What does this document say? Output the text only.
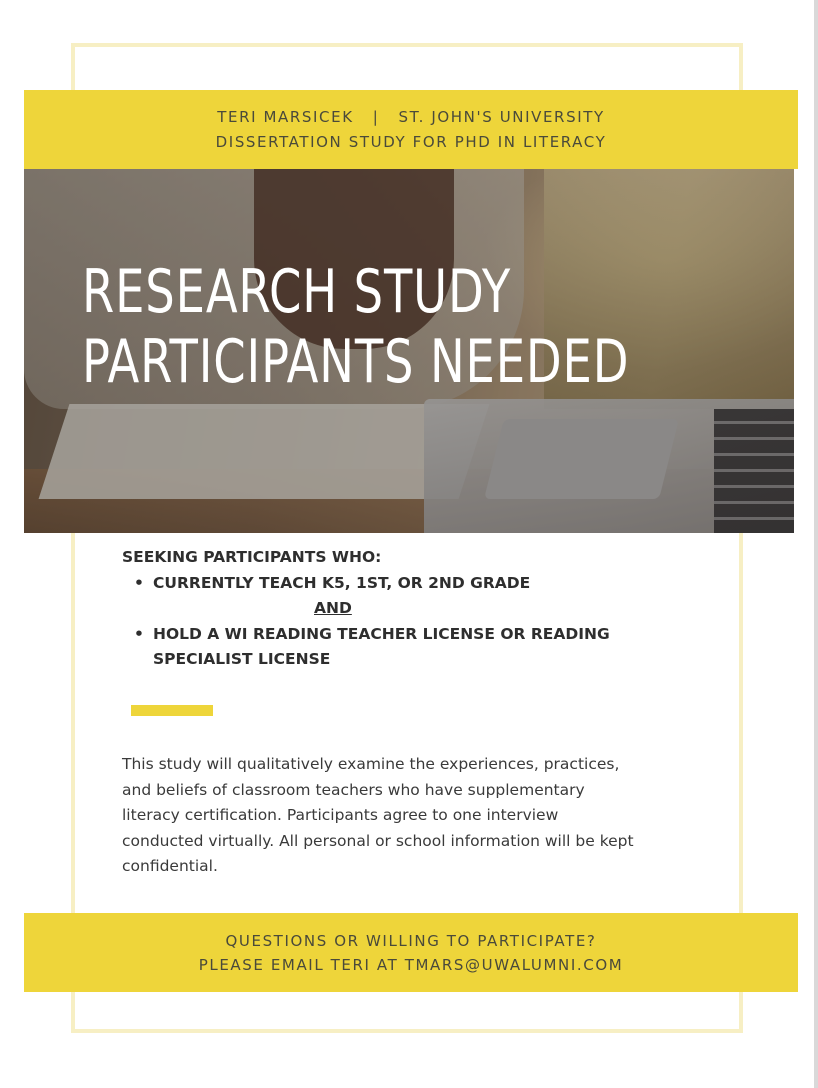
TERI MARSICEK   |   ST. JOHN'S UNIVERSITY
DISSERTATION STUDY FOR PHD IN LITERACY
RESEARCH STUDY
PARTICIPANTS NEEDED
SEEKING PARTICIPANTS WHO:
• CURRENTLY TEACH K5, 1ST, OR 2ND GRADE
AND
• HOLD A WI READING TEACHER LICENSE OR READING
SPECIALIST LICENSE

This study will qualitatively examine the experiences, practices,
and beliefs of classroom teachers who have supplementary
literacy certification. Participants agree to one interview
conducted virtually. All personal or school information will be kept
confidential.

QUESTIONS OR WILLING TO PARTICIPATE?
PLEASE EMAIL TERI AT TMARS@UWALUMNI.COM
